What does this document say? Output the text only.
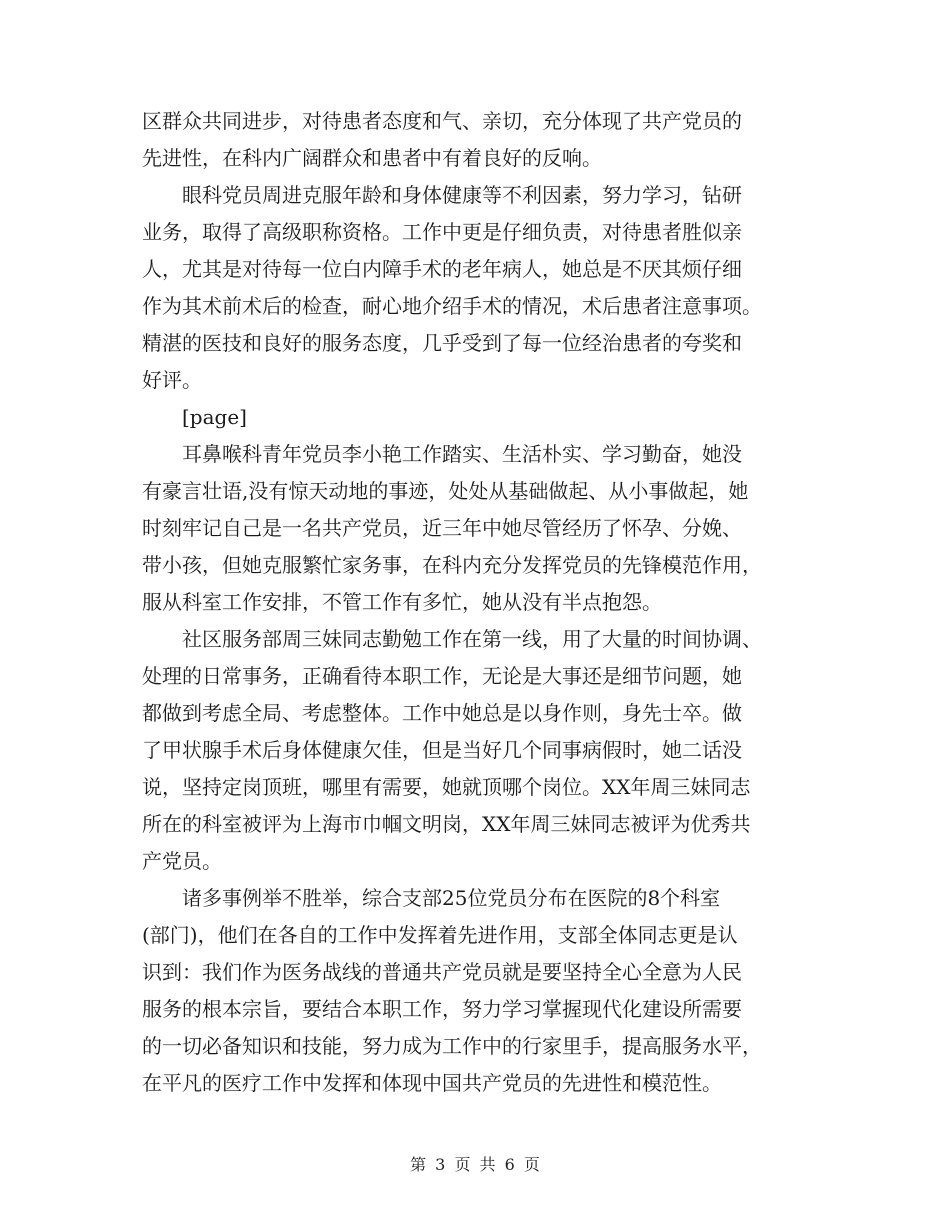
区群众共同进步，对待患者态度和气、亲切，充分体现了共产党员的
先进性，在科内广阔群众和患者中有着良好的反响。

　　眼科党员周进克服年龄和身体健康等不利因素，努力学习，钻研
业务，取得了高级职称资格。工作中更是仔细负责，对待患者胜似亲
人，尤其是对待每一位白内障手术的老年病人，她总是不厌其烦仔细
作为其术前术后的检查，耐心地介绍手术的情况，术后患者注意事项。
精湛的医技和良好的服务态度，几乎受到了每一位经治患者的夸奖和
好评。

　　[page]

　　耳鼻喉科青年党员李小艳工作踏实、生活朴实、学习勤奋，她没
有豪言壮语,没有惊天动地的事迹，处处从基础做起、从小事做起，她
时刻牢记自己是一名共产党员，近三年中她尽管经历了怀孕、分娩、
带小孩，但她克服繁忙家务事，在科内充分发挥党员的先锋模范作用，
服从科室工作安排，不管工作有多忙，她从没有半点抱怨。

　　社区服务部周三妹同志勤勉工作在第一线，用了大量的时间协调、
处理的日常事务，正确看待本职工作，无论是大事还是细节问题，她
都做到考虑全局、考虑整体。工作中她总是以身作则，身先士卒。做
了甲状腺手术后身体健康欠佳，但是当好几个同事病假时，她二话没
说，坚持定岗顶班，哪里有需要，她就顶哪个岗位。XX年周三妹同志
所在的科室被评为上海市巾帼文明岗，XX年周三妹同志被评为优秀共
产党员。

　　诸多事例举不胜举，综合支部25位党员分布在医院的8个科室
(部门)，他们在各自的工作中发挥着先进作用，支部全体同志更是认
识到：我们作为医务战线的普通共产党员就是要坚持全心全意为人民
服务的根本宗旨，要结合本职工作，努力学习掌握现代化建设所需要
的一切必备知识和技能，努力成为工作中的行家里手，提高服务水平，
在平凡的医疗工作中发挥和体现中国共产党员的先进性和模范性。

第 3 页 共 6 页
